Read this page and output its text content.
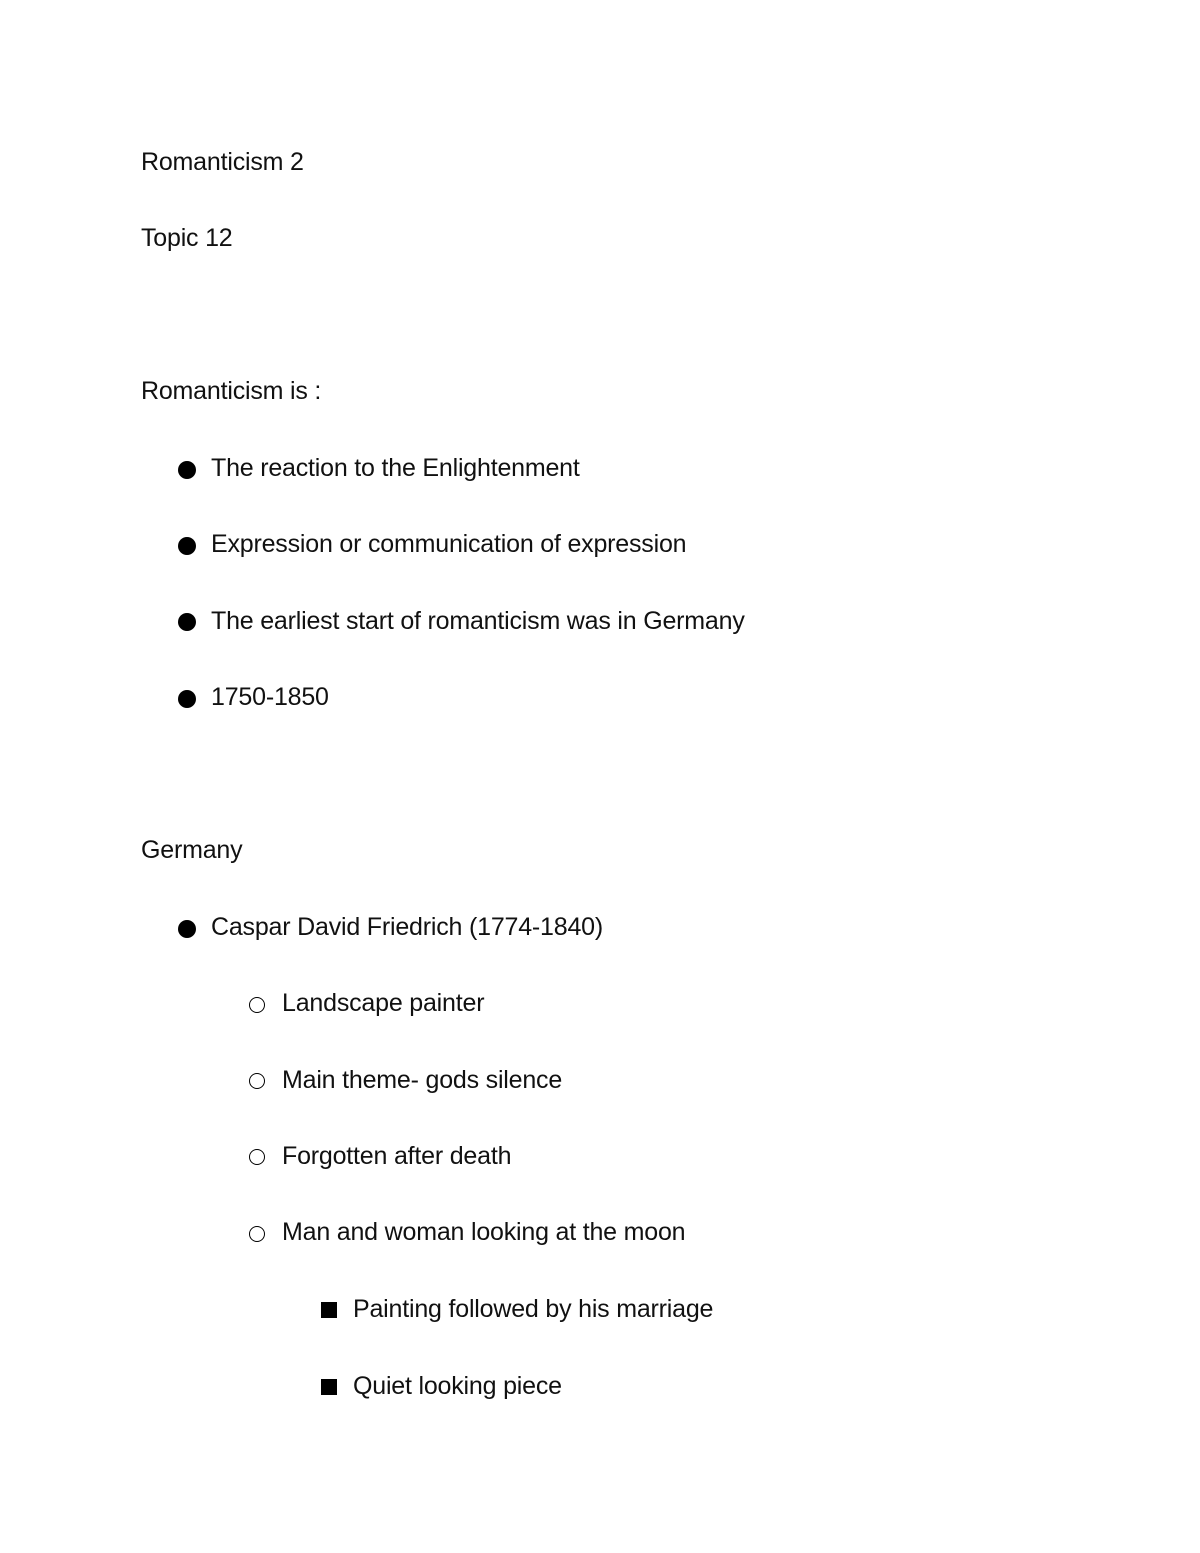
Romanticism 2
Topic 12
Romanticism is :
The reaction to the Enlightenment
Expression or communication of expression
The earliest start of romanticism was in Germany
1750-1850
Germany
Caspar David Friedrich (1774-1840)
Landscape painter
Main theme- gods silence
Forgotten after death
Man and woman looking at the moon
Painting followed by his marriage
Quiet looking piece
